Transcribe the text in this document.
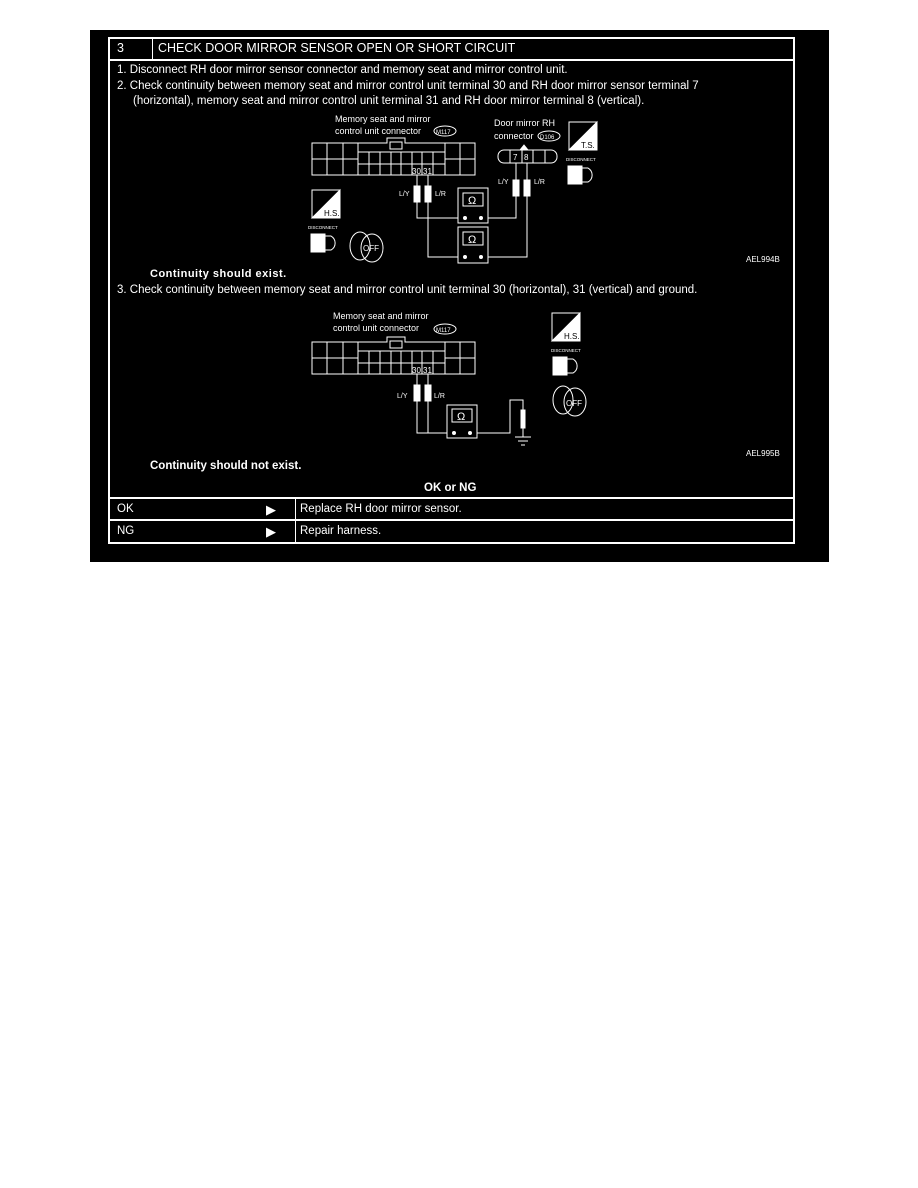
3	CHECK DOOR MIRROR SENSOR OPEN OR SHORT CIRCUIT
1. Disconnect RH door mirror sensor connector and memory seat and mirror control unit.
2. Check continuity between memory seat and mirror control unit terminal 30 and RH door mirror sensor terminal 7
(horizontal), memory seat and mirror control unit terminal 31 and RH door mirror terminal 8 (vertical).
Continuity should exist.
3. Check continuity between memory seat and mirror control unit terminal 30 (horizontal), 31 (vertical) and ground.
Continuity should not exist.
OK or NG
OK	▶ Replace RH door mirror sensor.
NG	▶ Repair harness.
Memory seat and mirror
control unit connector M117
Door mirror RH
connector D106
30 31
7 8
L/Y	L/R
L/Y	L/R
Ω
Ω
T.S.
DISCONNECT
H.S.
DISCONNECT
OFF
AEL994B
Memory seat and mirror
control unit connector	M117
30 31
L/Y	L/R
Ω
H.S.
DISCONNECT
OFF
AEL995B
